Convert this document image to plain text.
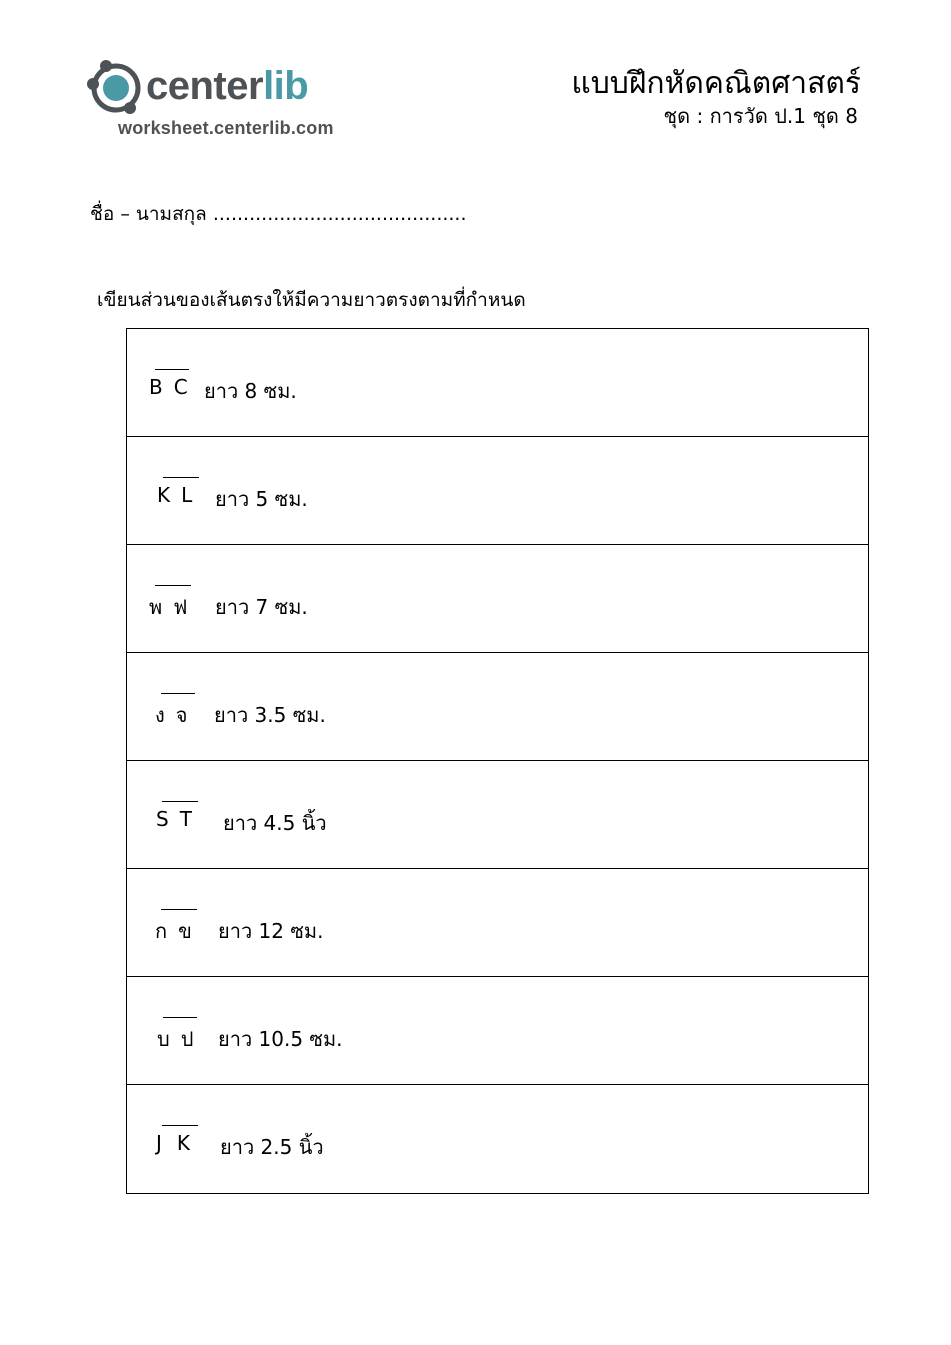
centerlib
worksheet.centerlib.com
แบบฝึกหัดคณิตศาสตร์
ชุด : การวัด ป.1 ชุด 8
ชื่อ – นามสกุล ..........................................
เขียนส่วนของเส้นตรงให้มีความยาวตรงตามที่กำหนด
B C ยาว 8 ซม.
K L ยาว 5 ซม.
พ ฟ ยาว 7 ซม.
ง จ ยาว 3.5 ซม.
S T ยาว 4.5 นิ้ว
ก ข ยาว 12 ซม.
บ ป ยาว 10.5 ซม.
J K ยาว 2.5 นิ้ว
